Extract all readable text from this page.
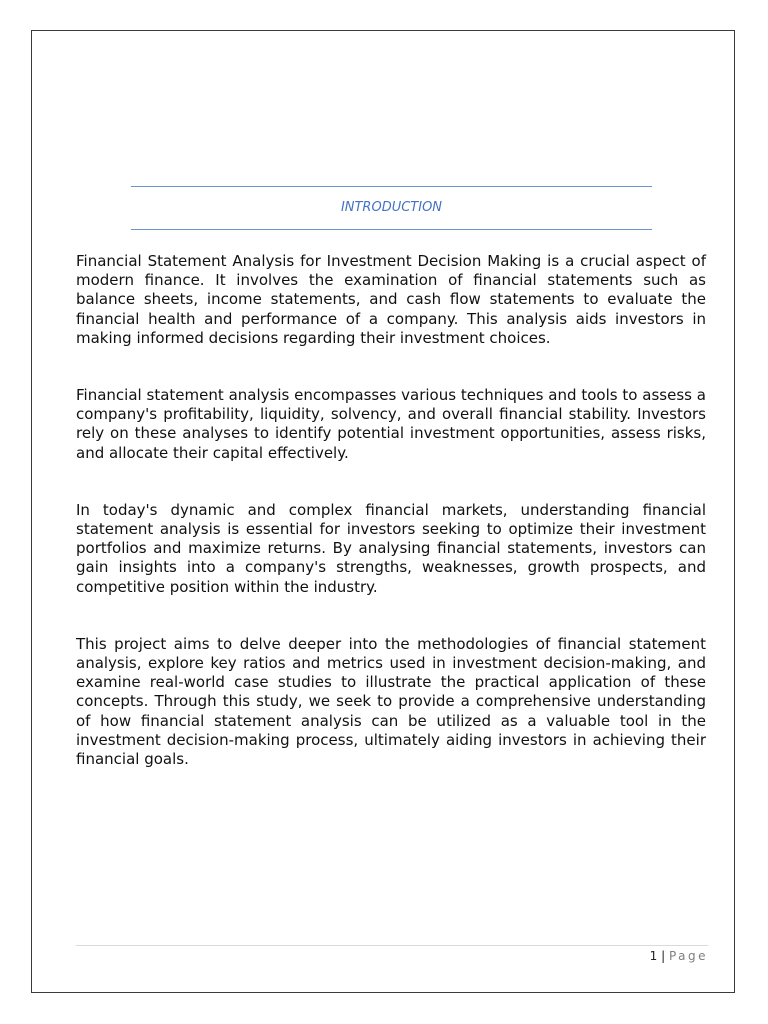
INTRODUCTION

Financial Statement Analysis for Investment Decision Making is a crucial aspect of modern finance. It involves the examination of financial statements such as balance sheets, income statements, and cash flow statements to evaluate the financial health and performance of a company. This analysis aids investors in making informed decisions regarding their investment choices.

Financial statement analysis encompasses various techniques and tools to assess a company's profitability, liquidity, solvency, and overall financial stability. Investors rely on these analyses to identify potential investment opportunities, assess risks, and allocate their capital effectively.

In today's dynamic and complex financial markets, understanding financial statement analysis is essential for investors seeking to optimize their investment portfolios and maximize returns. By analysing financial statements, investors can gain insights into a company's strengths, weaknesses, growth prospects, and competitive position within the industry.

This project aims to delve deeper into the methodologies of financial statement analysis, explore key ratios and metrics used in investment decision-making, and examine real-world case studies to illustrate the practical application of these concepts. Through this study, we seek to provide a comprehensive understanding of how financial statement analysis can be utilized as a valuable tool in the investment decision-making process, ultimately aiding investors in achieving their financial goals.

1 | Page
